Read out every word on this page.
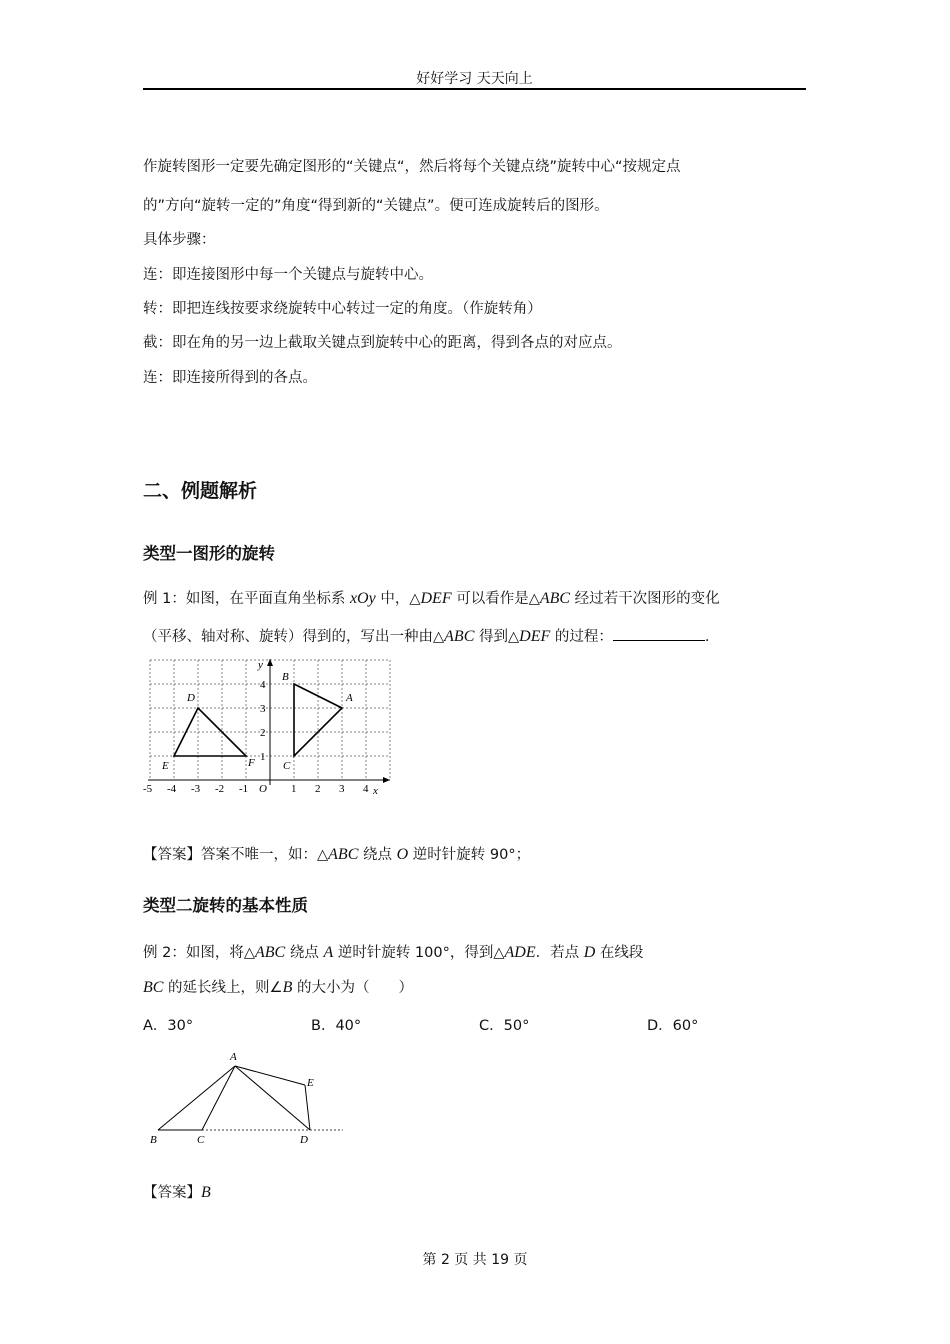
好好学习 天天向上
作旋转图形一定要先确定图形的“关键点“，然后将每个关键点绕”旋转中心“按规定点
的”方向“旋转一定的”角度“得到新的“关键点”。便可连成旋转后的图形。
具体步骤：
连：即连接图形中每一个关键点与旋转中心。
转：即把连线按要求绕旋转中心转过一定的角度。（作旋转角）
截：即在角的另一边上截取关键点到旋转中心的距离，得到各点的对应点。
连：即连接所得到的各点。
二、例题解析
类型一图形的旋转
例 1：如图，在平面直角坐标系 xOy 中，△DEF 可以看作是△ABC 经过若干次图形的变化
（平移、轴对称、旋转）得到的，写出一种由△ABC 得到△DEF 的过程：	.
x
y
O
-5 -4 -3 -2 -1	1 2 3 4
1
2
3
4
D
E	F
A
B
C
【答案】答案不唯一，如：△ABC 绕点 O 逆时针旋转 90°；
类型二旋转的基本性质
例 2：如图，将△ABC 绕点 A 逆时针旋转 100°，得到△ADE．若点 D 在线段
BC 的延长线上，则∠B 的大小为（　　）
A．30°	B．40°	C．50°	D．60°
A
E
B	C	D
【答案】B
第 2 页 共 19 页
